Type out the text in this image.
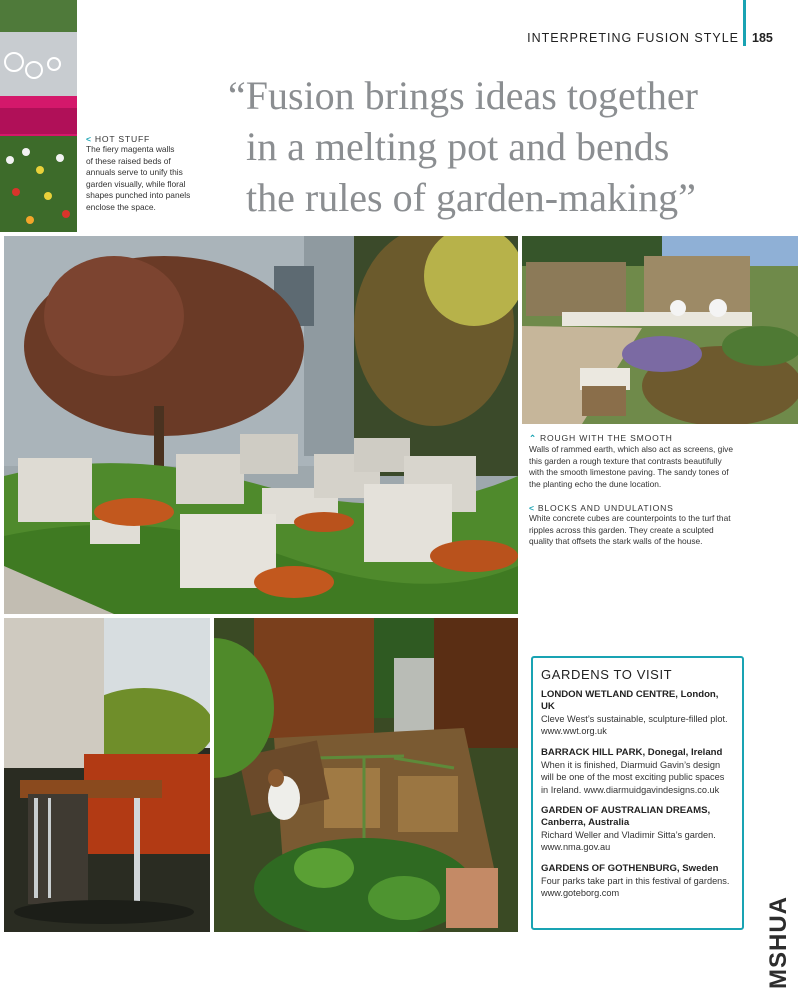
INTERPRETING FUSION STYLE 185
“Fusion brings ideas together
in a melting pot and bends
the rules of garden-making”
< HOT STUFF
The fiery magenta walls
of these raised beds of
annuals serve to unify this
garden visually, while floral
shapes punched into panels
enclose the space.
⌃ ROUGH WITH THE SMOOTH
Walls of rammed earth, which also act as screens, give
this garden a rough texture that contrasts beautifully
with the smooth limestone paving. The sandy tones of
the planting echo the dune location.
< BLOCKS AND UNDULATIONS
White concrete cubes are counterpoints to the turf that
ripples across this garden. They create a sculpted
quality that offsets the stark walls of the house.
GARDENS TO VISIT
LONDON WETLAND CENTRE, London, UK
Cleve West’s sustainable, sculpture-filled plot.
www.wwt.org.uk
BARRACK HILL PARK, Donegal, Ireland
When it is finished, Diarmuid Gavin’s design
will be one of the most exciting public spaces
in Ireland. www.diarmuidgavindesigns.co.uk
GARDEN OF AUSTRALIAN DREAMS,
Canberra, Australia
Richard Weller and Vladimir Sitta’s garden.
www.nma.gov.au
GARDENS OF GOTHENBURG, Sweden
Four parks take part in this festival of gardens.
www.goteborg.com
MSHUA
